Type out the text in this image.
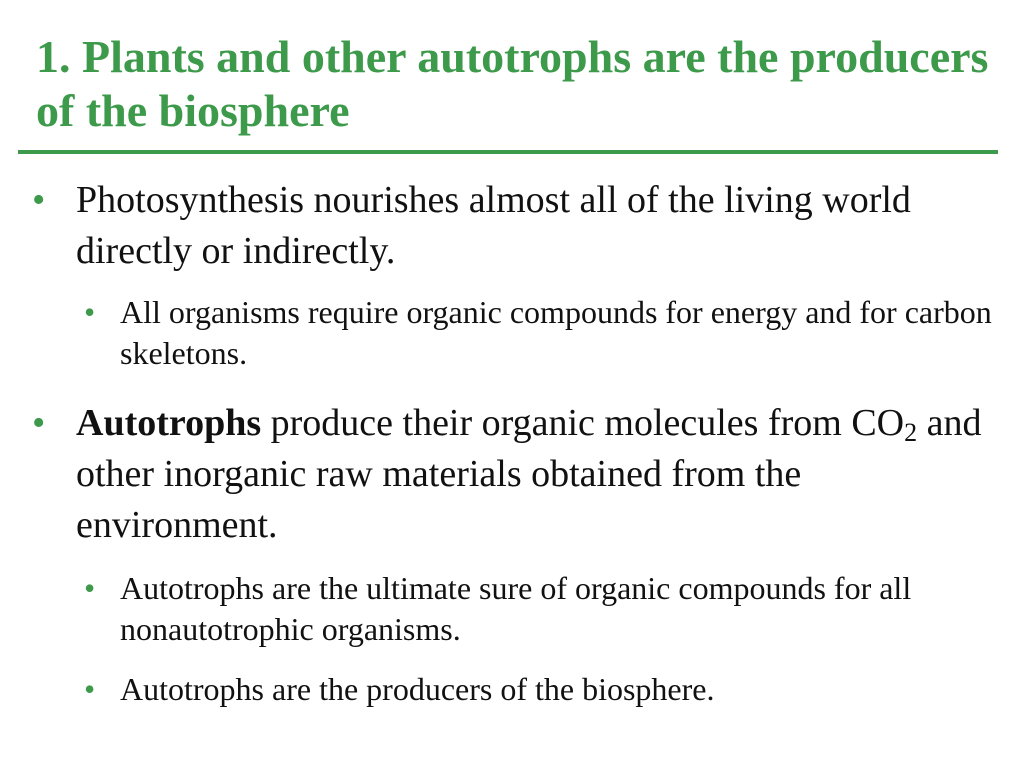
1. Plants and other autotrophs are the producers of the biosphere

• Photosynthesis nourishes almost all of the living world directly or indirectly.

• All organisms require organic compounds for energy and for carbon skeletons.

• Autotrophs produce their organic molecules from $CO_2$ and other inorganic raw materials obtained from the environment.

• Autotrophs are the ultimate sure of organic compounds for all nonautotrophic organisms.

• Autotrophs are the producers of the biosphere.
